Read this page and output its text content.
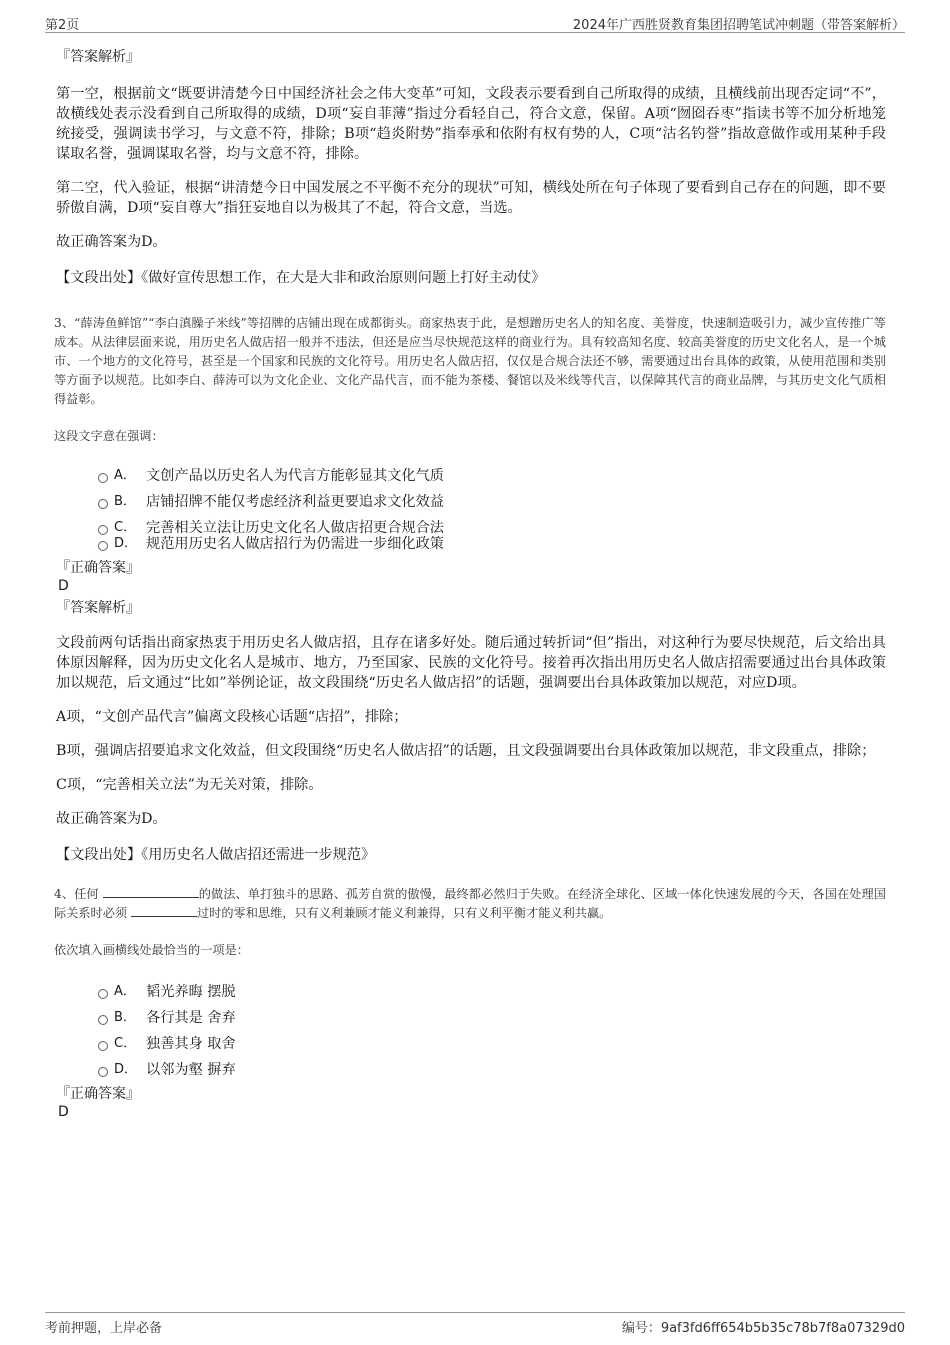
第2页	2024年广西胜贤教育集团招聘笔试冲刺题（带答案解析）
『答案解析』

第一空，根据前文“既要讲清楚今日中国经济社会之伟大变革”可知，文段表示要看到自己所取得的成绩，且横线前出现否定词“不”，故横线处表示没看到自己所取得的成绩，D项“妄自菲薄”指过分看轻自己，符合文意，保留。A项“囫囵吞枣”指读书等不加分析地笼统接受，强调读书学习，与文意不符，排除；B项“趋炎附势”指奉承和依附有权有势的人，C项“沽名钓誉”指故意做作或用某种手段谋取名誉，强调谋取名誉，均与文意不符，排除。

第二空，代入验证，根据“讲清楚今日中国发展之不平衡不充分的现状”可知，横线处所在句子体现了要看到自己存在的问题，即不要骄傲自满，D项“妄自尊大”指狂妄地自以为极其了不起，符合文意，当选。

故正确答案为D。

【文段出处】《做好宣传思想工作，在大是大非和政治原则问题上打好主动仗》

3、“薛涛鱼鲜馆”“李白滇臊子米线”等招牌的店铺出现在成都街头。商家热衷于此，是想蹭历史名人的知名度、美誉度，快速制造吸引力，减少宣传推广等成本。从法律层面来说，用历史名人做店招一般并不违法，但还是应当尽快规范这样的商业行为。具有较高知名度、较高美誉度的历史文化名人，是一个城市、一个地方的文化符号，甚至是一个国家和民族的文化符号。用历史名人做店招，仅仅是合规合法还不够，需要通过出台具体的政策，从使用范围和类别等方面予以规范。比如李白、薛涛可以为文化企业、文化产品代言，而不能为茶楼、餐馆以及米线等代言，以保障其代言的商业品牌，与其历史文化气质相得益彰。

这段文字意在强调：

A． 文创产品以历史名人为代言方能彰显其文化气质
B． 店铺招牌不能仅考虑经济利益更要追求文化效益
C． 完善相关立法让历史文化名人做店招更合规合法
D． 规范用历史名人做店招行为仍需进一步细化政策
『正确答案』
D
『答案解析』

文段前两句话指出商家热衷于用历史名人做店招，且存在诸多好处。随后通过转折词“但”指出，对这种行为要尽快规范，后文给出具体原因解释，因为历史文化名人是城市、地方，乃至国家、民族的文化符号。接着再次指出用历史名人做店招需要通过出台具体政策加以规范，后文通过“比如”举例论证，故文段围绕“历史名人做店招”的话题，强调要出台具体政策加以规范，对应D项。

A项，“文创产品代言”偏离文段核心话题“店招”，排除；

B项，强调店招要追求文化效益，但文段围绕“历史名人做店招”的话题，且文段强调要出台具体政策加以规范，非文段重点，排除；

C项，“完善相关立法”为无关对策，排除。

故正确答案为D。

【文段出处】《用历史名人做店招还需进一步规范》

4、任何	的做法、单打独斗的思路、孤芳自赏的傲慢，最终都必然归于失败。在经济全球化、区域一体化快速发展的今天，各国在处理国际关系时必须	过时的零和思维，只有义利兼顾才能义利兼得，只有义利平衡才能义利共赢。

依次填入画横线处最恰当的一项是：

A． 韬光养晦 摆脱
B． 各行其是 舍弃
C． 独善其身 取舍
D． 以邻为壑 摒弃
『正确答案』
D
考前押题，上岸必备	编号：9af3fd6ff654b5b35c78b7f8a07329d0
